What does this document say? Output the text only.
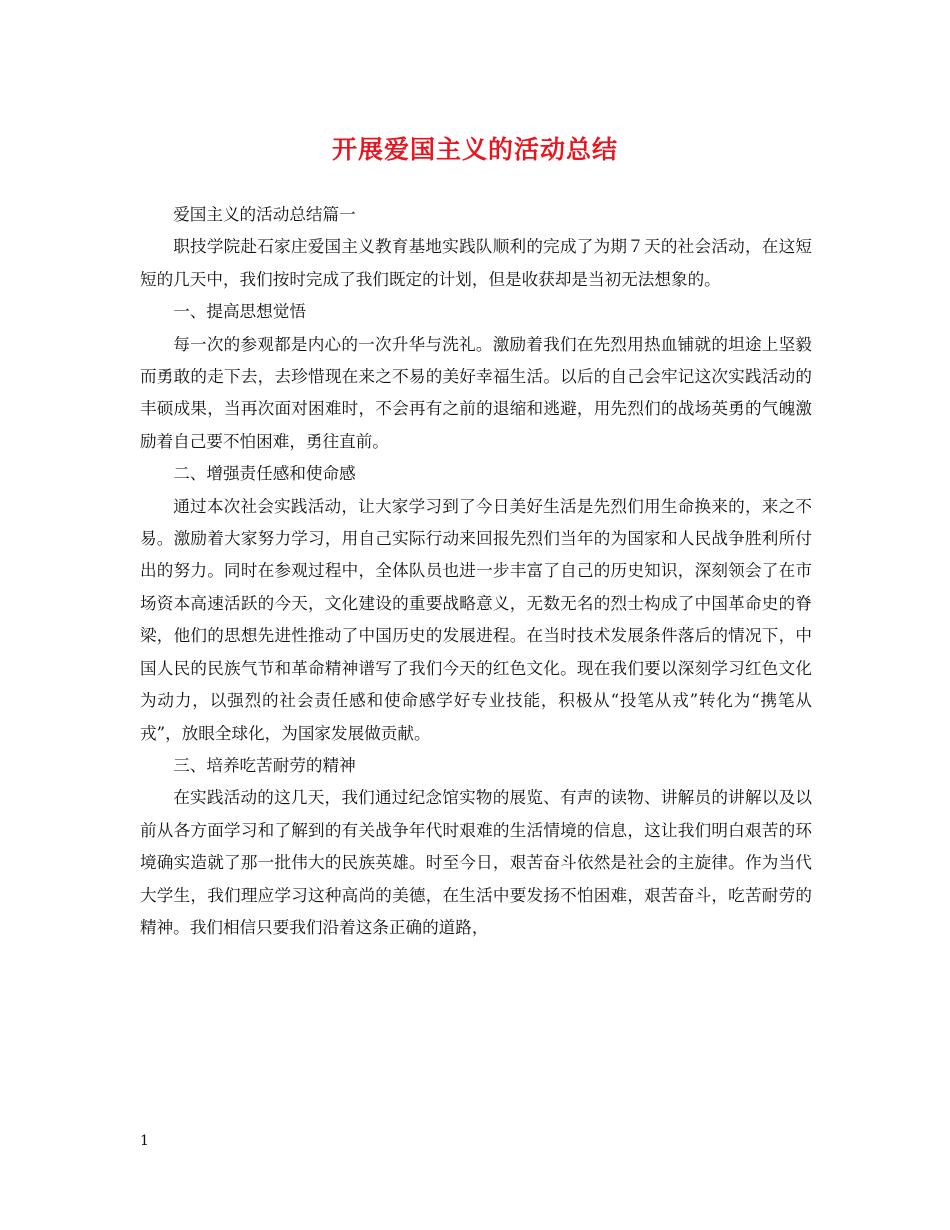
开展爱国主义的活动总结

爱国主义的活动总结篇一

职技学院赴石家庄爱国主义教育基地实践队顺利的完成了为期７天的社会活动，在这短短的几天中，我们按时完成了我们既定的计划，但是收获却是当初无法想象的。

一、提高思想觉悟

每一次的参观都是内心的一次升华与洗礼。激励着我们在先烈用热血铺就的坦途上坚毅而勇敢的走下去，去珍惜现在来之不易的美好幸福生活。以后的自己会牢记这次实践活动的丰硕成果，当再次面对困难时，不会再有之前的退缩和逃避，用先烈们的战场英勇的气魄激励着自己要不怕困难，勇往直前。

二、增强责任感和使命感

通过本次社会实践活动，让大家学习到了今日美好生活是先烈们用生命换来的，来之不易。激励着大家努力学习，用自己实际行动来回报先烈们当年的为国家和人民战争胜利所付出的努力。同时在参观过程中，全体队员也进一步丰富了自己的历史知识，深刻领会了在市场资本高速活跃的今天，文化建设的重要战略意义，无数无名的烈士构成了中国革命史的脊梁，他们的思想先进性推动了中国历史的发展进程。在当时技术发展条件落后的情况下，中国人民的民族气节和革命精神谱写了我们今天的红色文化。现在我们要以深刻学习红色文化为动力，以强烈的社会责任感和使命感学好专业技能，积极从“投笔从戎”转化为“携笔从戎”，放眼全球化，为国家发展做贡献。

三、培养吃苦耐劳的精神

在实践活动的这几天，我们通过纪念馆实物的展览、有声的读物、讲解员的讲解以及以前从各方面学习和了解到的有关战争年代时艰难的生活情境的信息，这让我们明白艰苦的环境确实造就了那一批伟大的民族英雄。时至今日，艰苦奋斗依然是社会的主旋律。作为当代大学生，我们理应学习这种高尚的美德，在生活中要发扬不怕困难，艰苦奋斗，吃苦耐劳的精神。我们相信只要我们沿着这条正确的道路，

1
